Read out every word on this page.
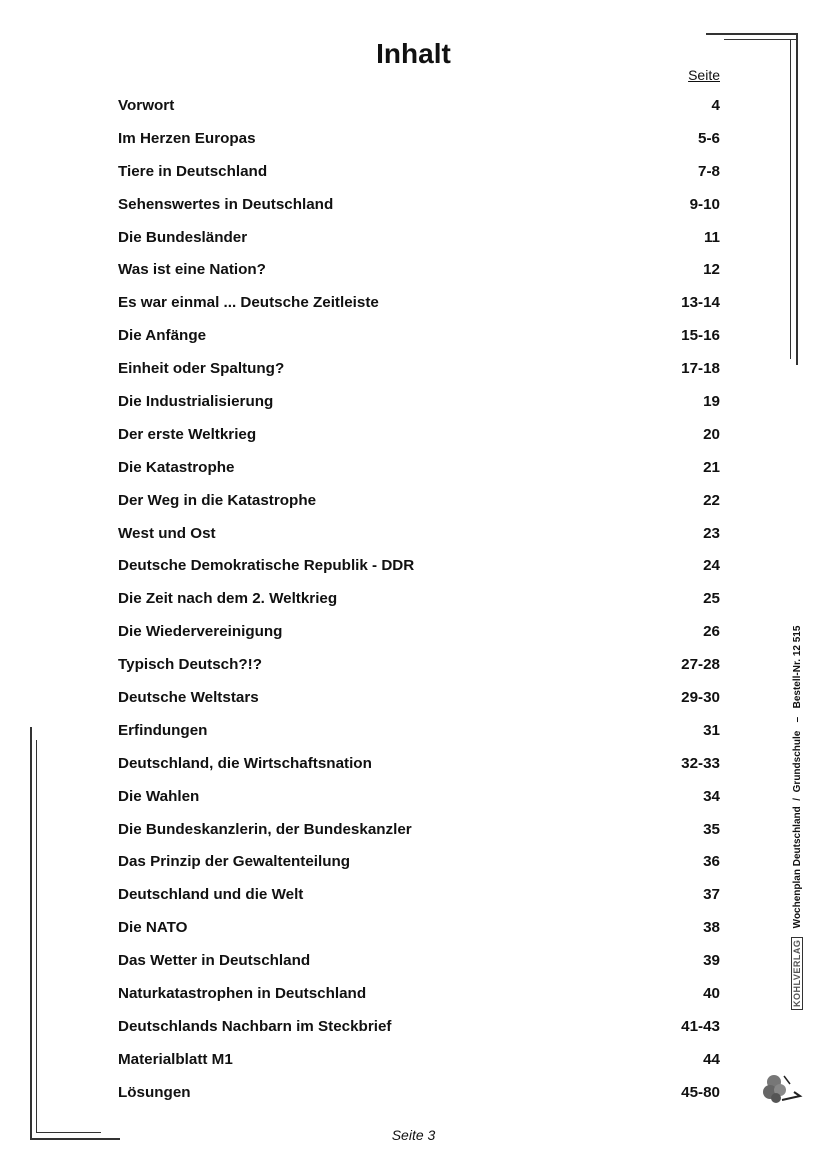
Inhalt
Seite
Vorwort	4
Im Herzen Europas	5-6
Tiere in Deutschland	7-8
Sehenswertes in Deutschland	9-10
Die Bundesländer	11
Was ist eine Nation?	12
Es war einmal ... Deutsche Zeitleiste	13-14
Die Anfänge	15-16
Einheit oder Spaltung?	17-18
Die Industrialisierung	19
Der erste Weltkrieg	20
Die Katastrophe	21
Der Weg in die Katastrophe	22
West und Ost	23
Deutsche Demokratische Republik - DDR	24
Die Zeit nach dem 2. Weltkrieg	25
Die Wiedervereinigung	26
Typisch Deutsch?!?	27-28
Deutsche Weltstars	29-30
Erfindungen	31
Deutschland, die Wirtschaftsnation	32-33
Die Wahlen	34
Die Bundeskanzlerin, der Bundeskanzler	35
Das Prinzip der Gewaltenteilung	36
Deutschland und die Welt	37
Die NATO	38
Das Wetter in Deutschland	39
Naturkatastrophen in Deutschland	40
Deutschlands Nachbarn im Steckbrief	41-43
Materialblatt M1	44
Lösungen	45-80
Seite 3
KOHLVERLAG   Wochenplan Deutschland  /  Grundschule   –   Bestell-Nr. 12 515
